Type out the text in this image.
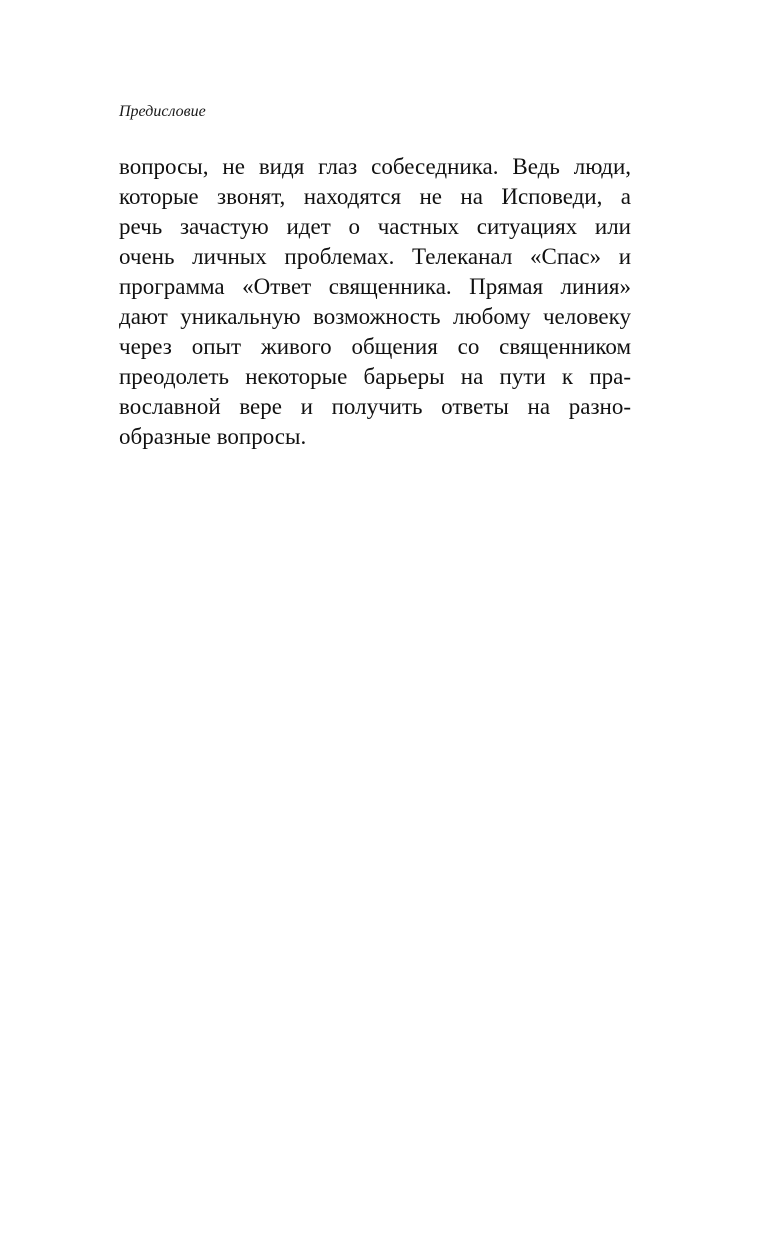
Предисловие
вопросы, не видя глаз собеседника. Ведь люди,
которые звонят, находятся не на Исповеди, а
речь зачастую идет о частных ситуациях или
очень личных проблемах. Телеканал «Спас» и
программа «Ответ священника. Прямая линия»
дают уникальную возможность любому человеку
через опыт живого общения со священником
преодолеть некоторые барьеры на пути к пра-
вославной вере и получить ответы на разно-
образные вопросы.
